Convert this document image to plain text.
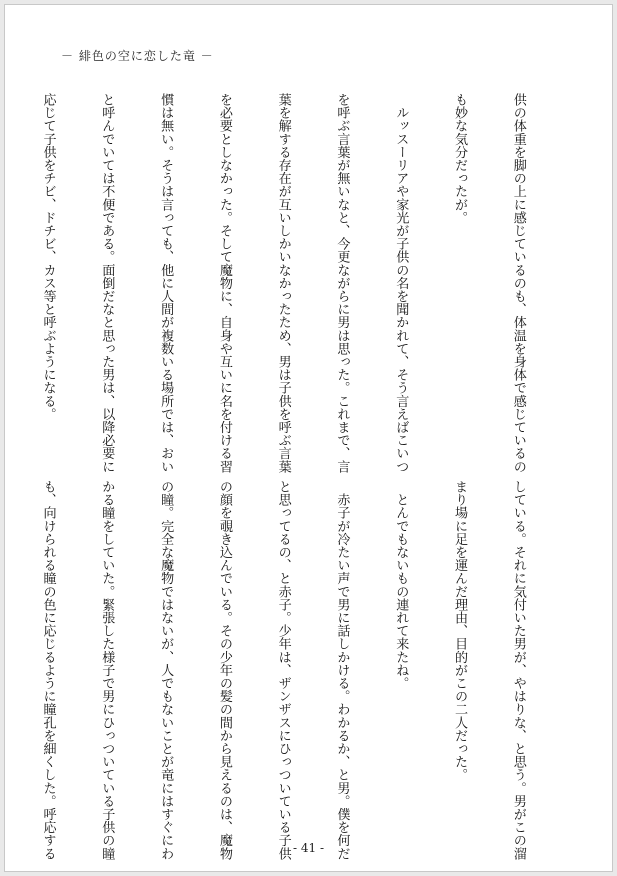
－ 緋色の空に恋した竜 －

供の体重を脚の上に感じているのも、体温を身体で感じているの

も妙な気分だったが。

　ルッスーリアや家光が子供の名を聞かれて、そう言えばこいつ

を呼ぶ言葉が無いなと、今更ながらに男は思った。これまで、言

葉を解する存在が互いしかいなかったため、男は子供を呼ぶ言葉

を必要としなかった。そして魔物に、自身や互いに名を付ける習

慣は無い。そうは言っても、他に人間が複数いる場所では、おい

と呼んでいては不便である。面倒だなと思った男は、以降必要に

応じて子供をチビ、ドチビ、カス等と呼ぶようになる。

している。それに気付いた男が、やはりな、と思う。男がこの溜

まり場に足を運んだ理由、目的がこの二人だった。

　とんでもないもの連れて来たね。

　赤子が冷たい声で男に話しかける。わかるか、と男。僕を何だ

と思ってるの、と赤子。少年は、ザンザスにひっついている子供

の顔を覗き込んでいる。その少年の髪の間から見えるのは、魔物

の瞳。完全な魔物ではないが、人でもないことが竜にはすぐにわ

かる瞳をしていた。緊張した様子で男にひっついている子供の瞳

も、向けられる瞳の色に応じるように瞳孔を細くした。呼応する

	- 41 -
